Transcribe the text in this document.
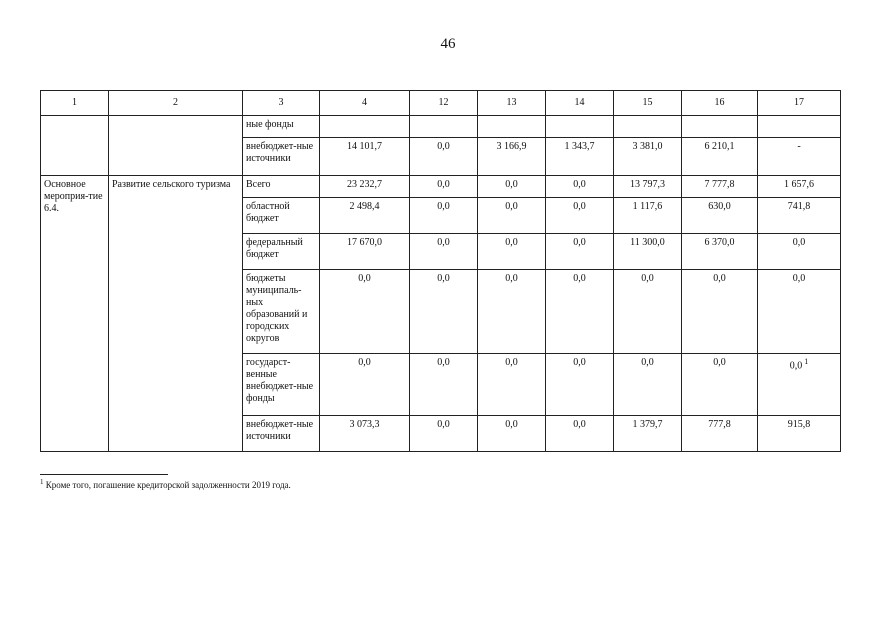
46
1	2	3	4	12	13	14	15	16	17
		ные фонды							
		внебюджет-ные источники	14 101,7	0,0	3 166,9	1 343,7	3 381,0	6 210,1	-
Основное мероприя-тие 6.4.	Развитие сельского туризма	Всего	23 232,7	0,0	0,0	0,0	13 797,3	7 777,8	1 657,6
		областной бюджет	2 498,4	0,0	0,0	0,0	1 117,6	630,0	741,8
		федеральный бюджет	17 670,0	0,0	0,0	0,0	11 300,0	6 370,0	0,0
		бюджеты муниципаль-ных образований и городских округов	0,0	0,0	0,0	0,0	0,0	0,0	0,0
		государст-венные внебюджет-ные фонды	0,0	0,0	0,0	0,0	0,0	0,0	0,0 $^1$
		внебюджет-ные источники	3 073,3	0,0	0,0	0,0	1 379,7	777,8	915,8
$^1$ Кроме того, погашение кредиторской задолженности 2019 года.
